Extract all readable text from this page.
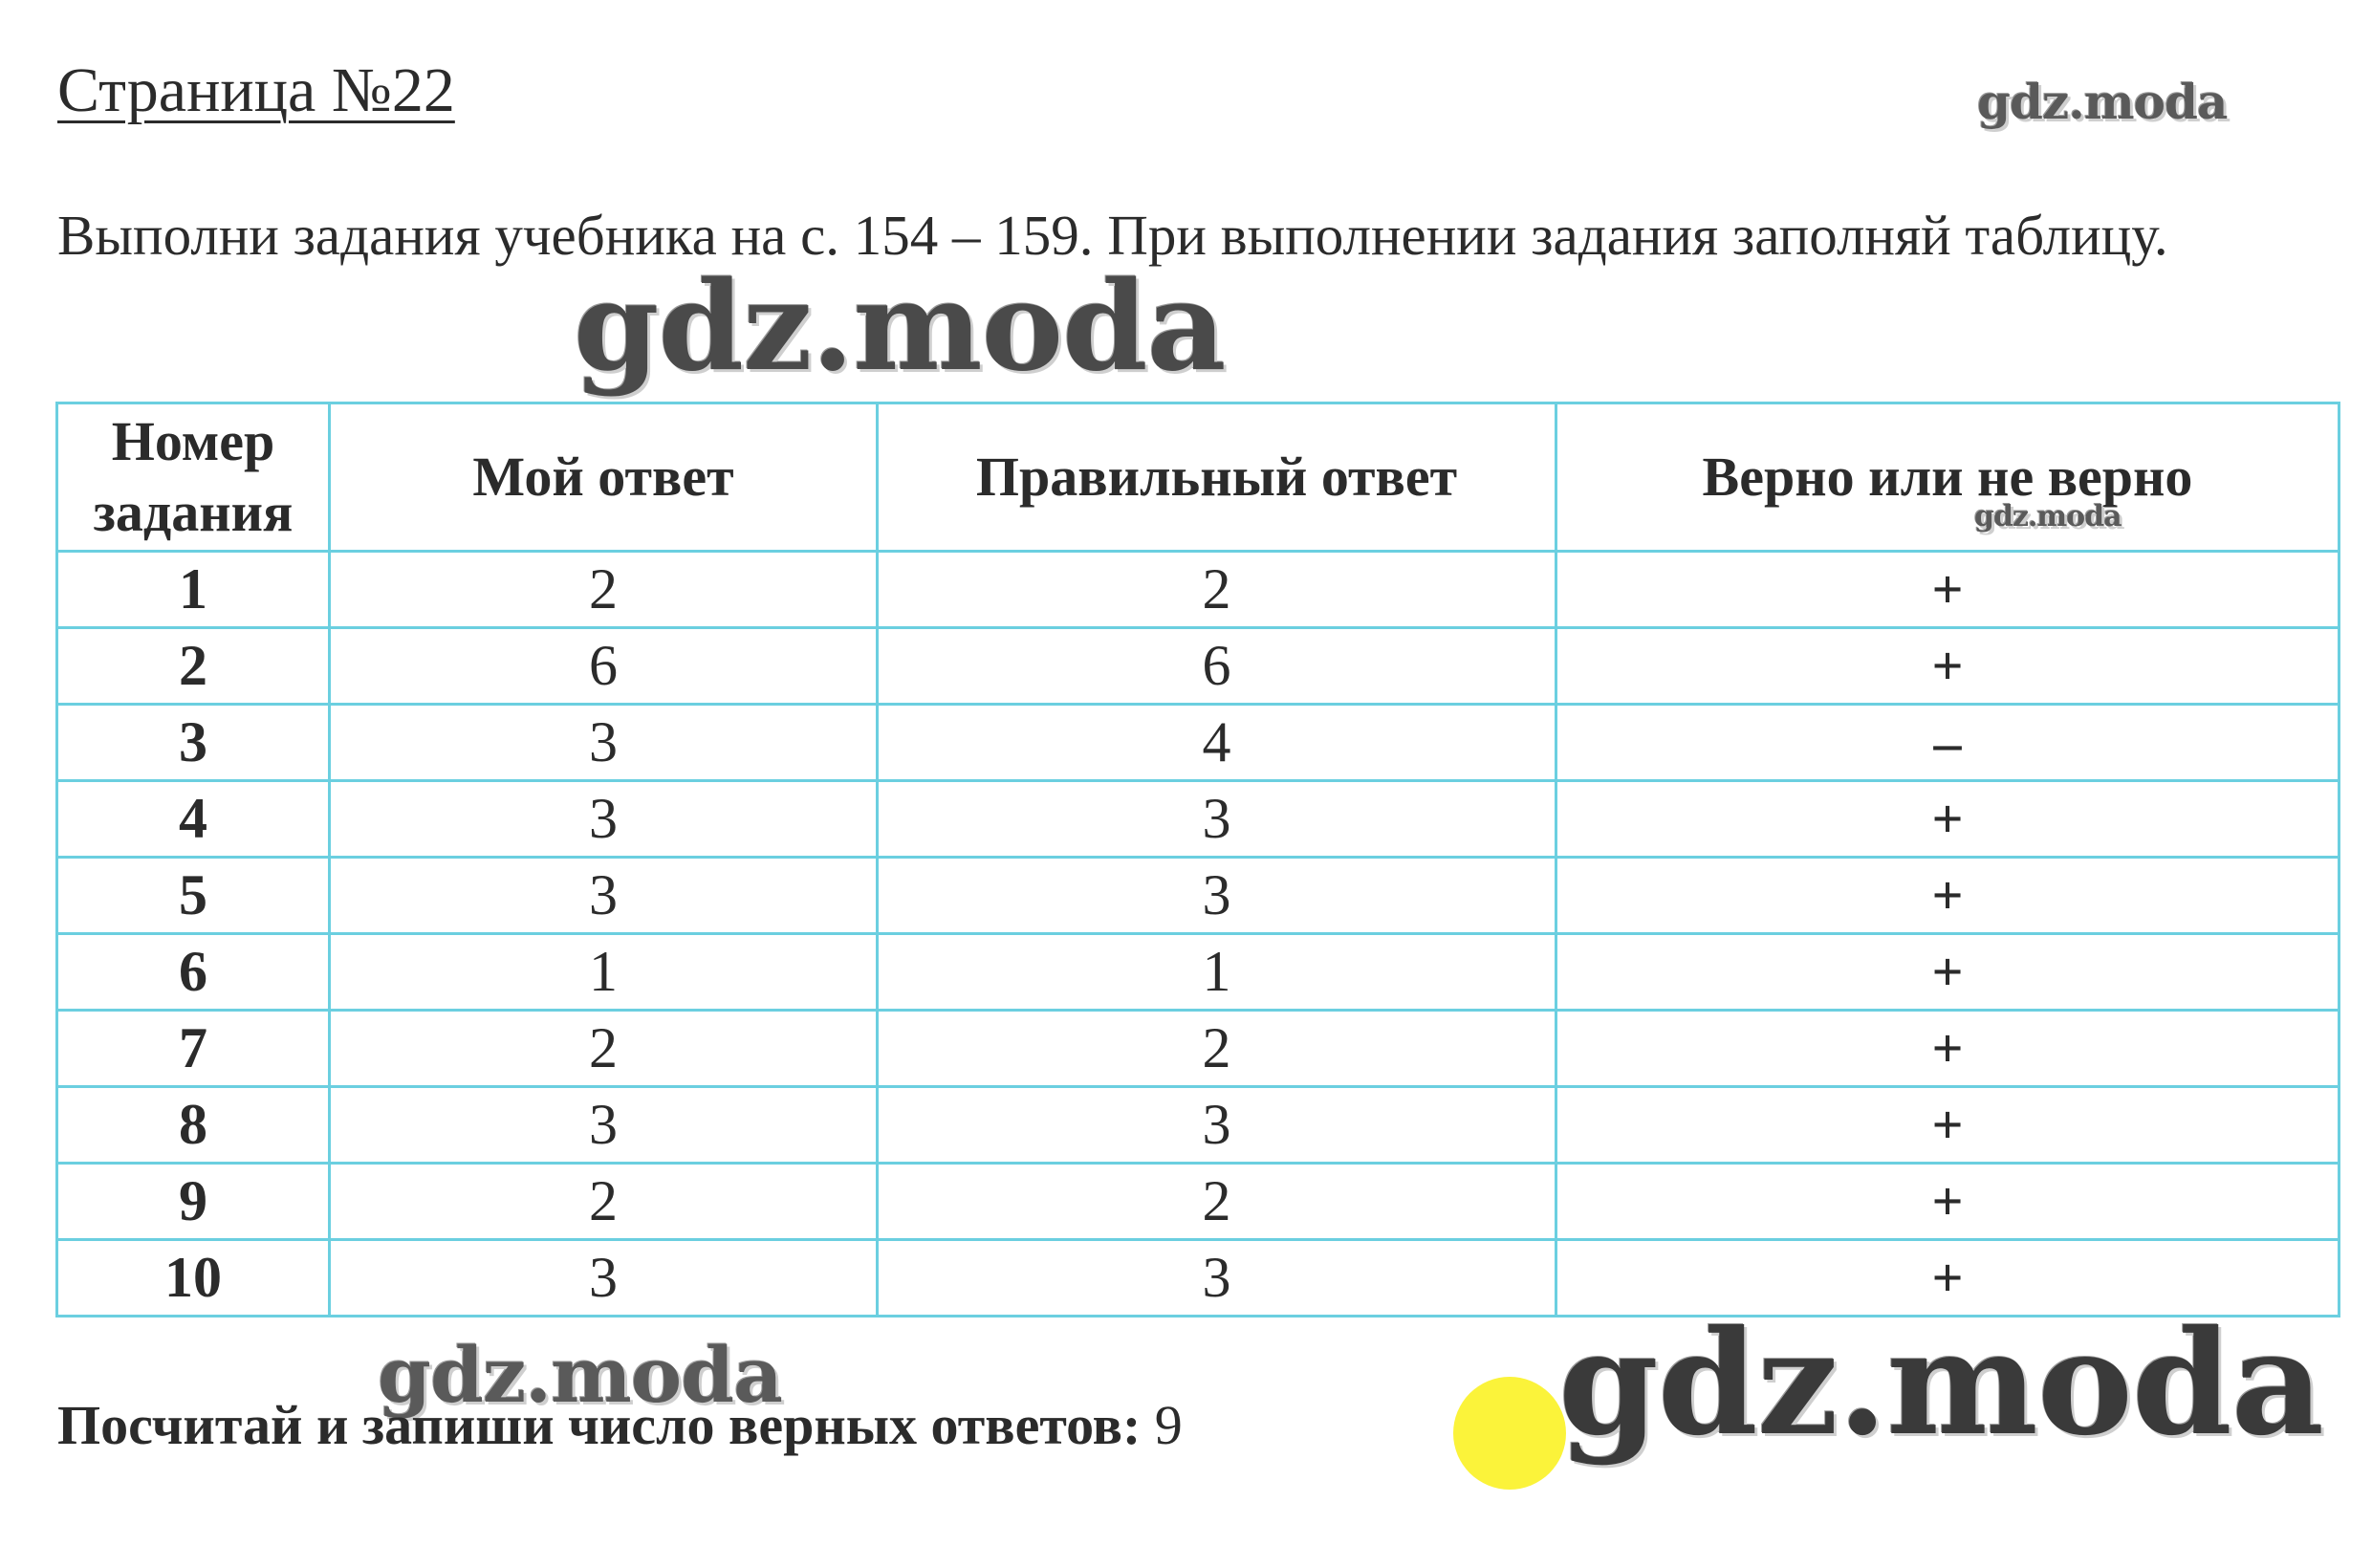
Страница №22	gdz.moda
Выполни задания учебника на с. 154 – 159. При выполнении задания заполняй таблицу.
gdz.moda
Номер задания	Мой ответ	Правильный ответ	Верно или не верно
1	2	2	+
2	6	6	+
3	3	4	–
4	3	3	+
5	3	3	+
6	1	1	+
7	2	2	+
8	3	3	+
9	2	2	+
10	3	3	+
gdz.moda
gdz.moda
Посчитай и запиши число верных ответов: 9	gdz.moda
